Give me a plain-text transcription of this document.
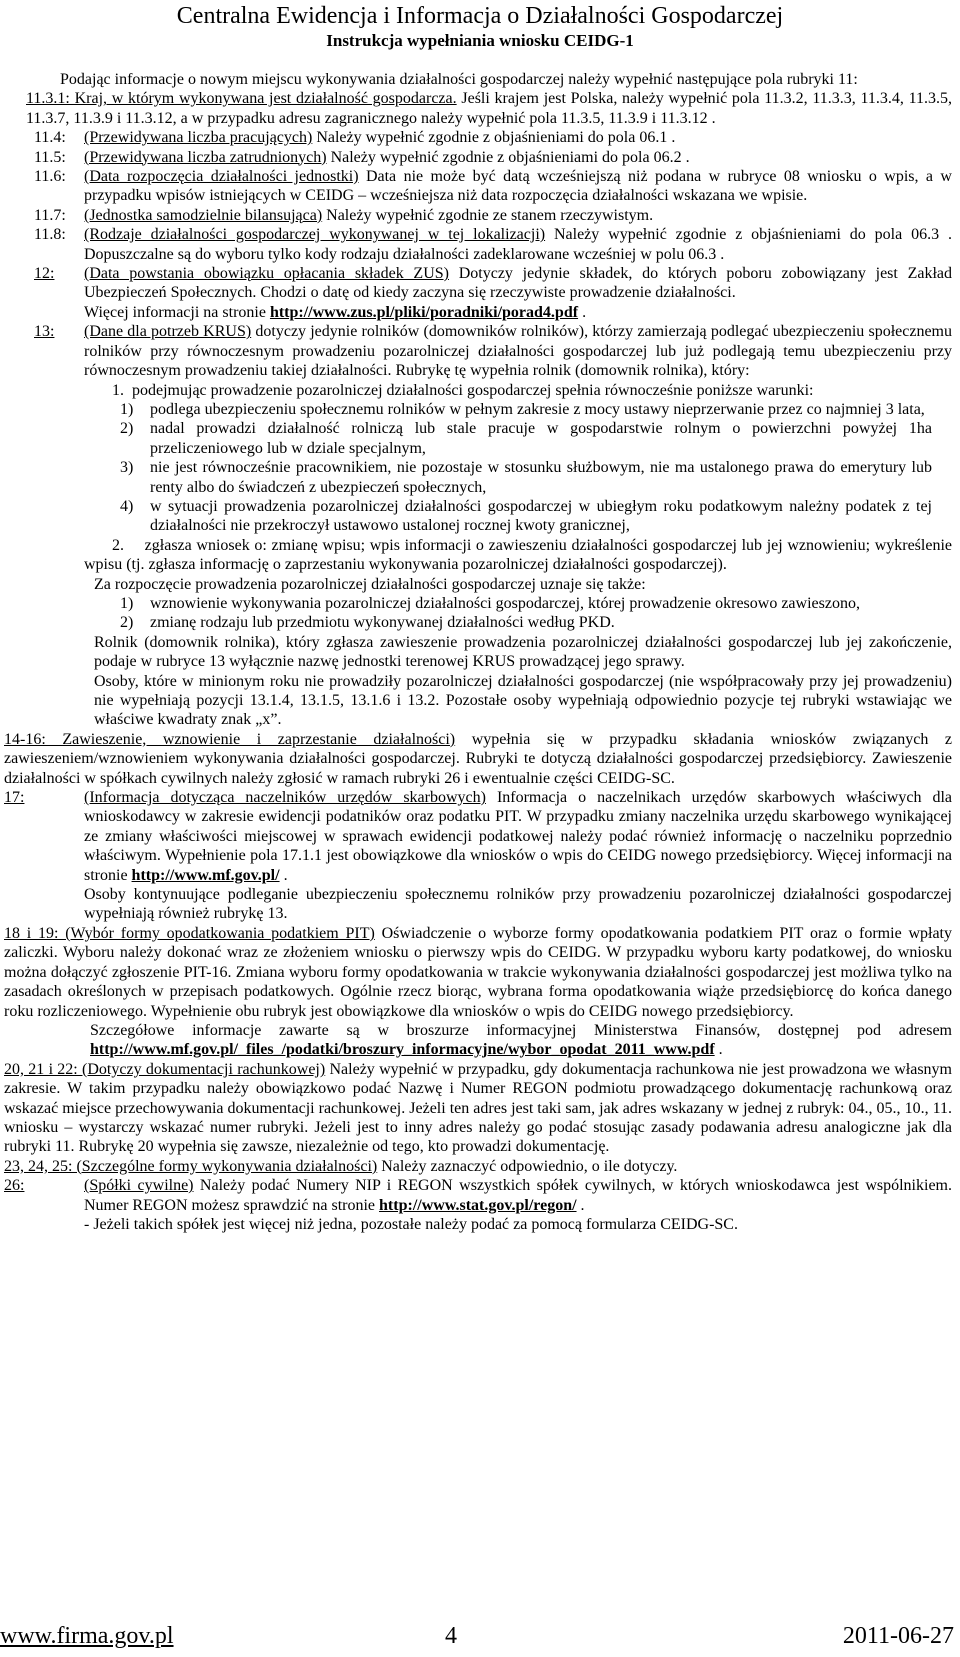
Centralna Ewidencja i Informacja o Działalności Gospodarczej
Instrukcja wypełniania wniosku CEIDG-1

Podając informacje o nowym miejscu wykonywania działalności gospodarczej należy wypełnić następujące pola rubryki 11:

11.3.1: Kraj, w którym wykonywana jest działalność gospodarcza. Jeśli krajem jest Polska, należy wypełnić pola 11.3.2, 11.3.3, 11.3.4, 11.3.5, 11.3.7, 11.3.9 i 11.3.12, a w przypadku adresu zagranicznego należy wypełnić pola 11.3.5, 11.3.9 i 11.3.12 .

11.4:	(Przewidywana liczba pracujących) Należy wypełnić zgodnie z objaśnieniami do pola 06.1 .
11.5:	(Przewidywana liczba zatrudnionych) Należy wypełnić zgodnie z objaśnieniami do pola 06.2 .
11.6:	(Data rozpoczęcia działalności jednostki) Data nie może być datą wcześniejszą niż podana w rubryce 08 wniosku o wpis, a w przypadku wpisów istniejących w CEIDG – wcześniejsza niż data rozpoczęcia działalności wskazana we wpisie.
11.7:	(Jednostka samodzielnie bilansująca) Należy wypełnić zgodnie ze stanem rzeczywistym.
11.8:	(Rodzaje działalności gospodarczej wykonywanej w tej lokalizacji) Należy wypełnić zgodnie z objaśnieniami do pola 06.3 . Dopuszczalne są do wyboru tylko kody rodzaju działalności zadeklarowane wcześniej w polu 06.3 .
12:	(Data powstania obowiązku opłacania składek ZUS) Dotyczy jedynie składek, do których poboru zobowiązany jest Zakład Ubezpieczeń Społecznych. Chodzi o datę od kiedy zaczyna się rzeczywiste prowadzenie działalności.
Więcej informacji na stronie http://www.zus.pl/pliki/poradniki/porad4.pdf .
13:	(Dane dla potrzeb KRUS) dotyczy jedynie rolników (domowników rolników), którzy zamierzają podlegać ubezpieczeniu społecznemu rolników przy równoczesnym prowadzeniu pozarolniczej działalności gospodarczej lub już podlegają temu ubezpieczeniu przy równoczesnym prowadzeniu takiej działalności. Rubrykę tę wypełnia rolnik (domownik rolnika), który:

1. podejmując prowadzenie pozarolniczej działalności gospodarczej spełnia równocześnie poniższe warunki:

1)	podlega ubezpieczeniu społecznemu rolników w pełnym zakresie z mocy ustawy nieprzerwanie przez co najmniej 3 lata,
2)	nadal prowadzi działalność rolniczą lub stale pracuje w gospodarstwie rolnym o powierzchni powyżej 1ha przeliczeniowego lub w dziale specjalnym,
3)	nie jest równocześnie pracownikiem, nie pozostaje w stosunku służbowym, nie ma ustalonego prawa do emerytury lub renty albo do świadczeń z ubezpieczeń społecznych,
4)	w sytuacji prowadzenia pozarolniczej działalności gospodarczej w ubiegłym roku podatkowym należny podatek z tej działalności nie przekroczył ustawowo ustalonej rocznej kwoty granicznej,

2. zgłasza wniosek o: zmianę wpisu; wpis informacji o zawieszeniu działalności gospodarczej lub jej wznowieniu; wykreślenie wpisu (tj. zgłasza informację o zaprzestaniu wykonywania pozarolniczej działalności gospodarczej).

Za rozpoczęcie prowadzenia pozarolniczej działalności gospodarczej uznaje się także:

1)	wznowienie wykonywania pozarolniczej działalności gospodarczej, której prowadzenie okresowo zawieszono,
2)	zmianę rodzaju lub przedmiotu wykonywanej działalności według PKD.

Rolnik (domownik rolnika), który zgłasza zawieszenie prowadzenia pozarolniczej działalności gospodarczej lub jej zakończenie, podaje w rubryce 13 wyłącznie nazwę jednostki terenowej KRUS prowadzącej jego sprawy.

Osoby, które w minionym roku nie prowadziły pozarolniczej działalności gospodarczej (nie współpracowały przy jej prowadzeniu) nie wypełniają pozycji 13.1.4, 13.1.5, 13.1.6 i 13.2. Pozostałe osoby wypełniają odpowiednio pozycje tej rubryki wstawiając we właściwe kwadraty znak „x”.

14-16: Zawieszenie, wznowienie i zaprzestanie działalności) wypełnia się w przypadku składania wniosków związanych z zawieszeniem/wznowieniem wykonywania działalności gospodarczej. Rubryki te dotyczą działalności gospodarczej przedsiębiorcy. Zawieszenie działalności w spółkach cywilnych należy zgłosić w ramach rubryki 26 i ewentualnie części CEIDG-SC.

17:	(Informacja dotycząca naczelników urzędów skarbowych) Informacja o naczelnikach urzędów skarbowych właściwych dla wnioskodawcy w zakresie ewidencji podatników oraz podatku PIT. W przypadku zmiany naczelnika urzędu skarbowego wynikającej ze zmiany właściwości miejscowej w sprawach ewidencji podatkowej należy podać również informację o naczelniku poprzednio właściwym. Wypełnienie pola 17.1.1 jest obowiązkowe dla wniosków o wpis do CEIDG nowego przedsiębiorcy. Więcej informacji na stronie http://www.mf.gov.pl/ .
Osoby kontynuujące podleganie ubezpieczeniu społecznemu rolników przy prowadzeniu pozarolniczej działalności gospodarczej wypełniają również rubrykę 13.

18 i 19: (Wybór formy opodatkowania podatkiem PIT) Oświadczenie o wyborze formy opodatkowania podatkiem PIT oraz o formie wpłaty zaliczki. Wyboru należy dokonać wraz ze złożeniem wniosku o pierwszy wpis do CEIDG. W przypadku wyboru karty podatkowej, do wniosku można dołączyć zgłoszenie PIT-16. Zmiana wyboru formy opodatkowania w trakcie wykonywania działalności gospodarczej jest możliwa tylko na zasadach określonych w przepisach podatkowych. Ogólnie rzecz biorąc, wybrana forma opodatkowania wiąże przedsiębiorcę do końca danego roku rozliczeniowego. Wypełnienie obu rubryk jest obowiązkowe dla wniosków o wpis do CEIDG nowego przedsiębiorcy.

Szczegółowe informacje zawarte są w broszurze informacyjnej Ministerstwa Finansów, dostępnej pod adresem http://www.mf.gov.pl/_files_/podatki/broszury_informacyjne/wybor_opodat_2011_www.pdf .

20, 21 i 22: (Dotyczy dokumentacji rachunkowej) Należy wypełnić w przypadku, gdy dokumentacja rachunkowa nie jest prowadzona we własnym zakresie. W takim przypadku należy obowiązkowo podać Nazwę i Numer REGON podmiotu prowadzącego dokumentację rachunkową oraz wskazać miejsce przechowywania dokumentacji rachunkowej. Jeżeli ten adres jest taki sam, jak adres wskazany w jednej z rubryk: 04., 05., 10., 11. wniosku – wystarczy wskazać numer rubryki. Jeżeli jest to inny adres należy go podać stosując zasady podawania adresu analogiczne jak dla rubryki 11. Rubrykę 20 wypełnia się zawsze, niezależnie od tego, kto prowadzi dokumentację.

23, 24, 25: (Szczególne formy wykonywania działalności) Należy zaznaczyć odpowiednio, o ile dotyczy.

26:	(Spółki cywilne) Należy podać Numery NIP i REGON wszystkich spółek cywilnych, w których wnioskodawca jest wspólnikiem. Numer REGON możesz sprawdzić na stronie http://www.stat.gov.pl/regon/ .
- Jeżeli takich spółek jest więcej niż jedna, pozostałe należy podać za pomocą formularza CEIDG-SC.
www.firma.gov.pl	4	2011-06-27
